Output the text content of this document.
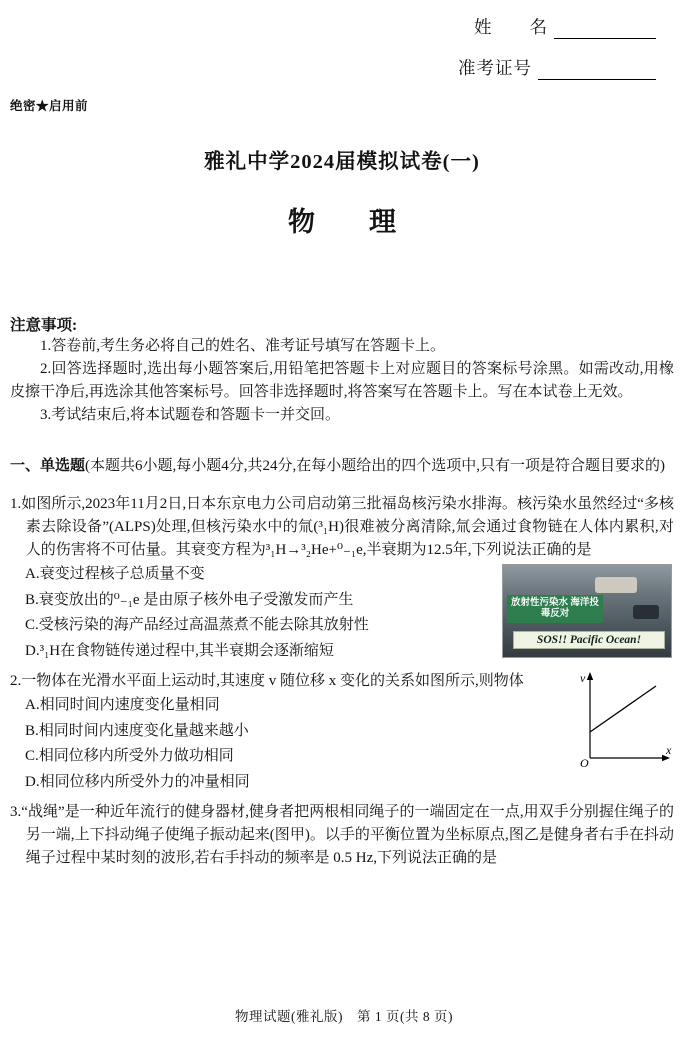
姓　　名
准考证号
绝密★启用前
雅礼中学2024届模拟试卷(一)
物　　理
注意事项:

1.答卷前,考生务必将自己的姓名、准考证号填写在答题卡上。

2.回答选择题时,选出每小题答案后,用铅笔把答题卡上对应题目的答案标号涂黑。如需改动,用橡皮擦干净后,再选涂其他答案标号。回答非选择题时,将答案写在答题卡上。写在本试卷上无效。

3.考试结束后,将本试题卷和答题卡一并交回。

一、单选题(本题共6小题,每小题4分,共24分,在每小题给出的四个选项中,只有一项是符合题目要求的)

1.如图所示,2023年11月2日,日本东京电力公司启动第三批福岛核污染水排海。核污染水虽然经过“多核素去除设备”(ALPS)处理,但核污染水中的氚(³₁H)很难被分离清除,氚会通过食物链在人体内累积,对人的伤害将不可估量。其衰变方程为³₁H→³₂He+⁰₋₁e,半衰期为12.5年,下列说法正确的是

A.衰变过程核子总质量不变
B.衰变放出的⁰₋₁e 是由原子核外电子受激发而产生
C.受核污染的海产品经过高温蒸煮不能去除其放射性
D.³₁H在食物链传递过程中,其半衰期会逐渐缩短
放射性污染水 海洋投毒反对
SOS!! Pacific Ocean!

2.一物体在光滑水平面上运动时,其速度 v 随位移 x 变化的关系如图所示,则物体

A.相同时间内速度变化量相同
B.相同时间内速度变化量越来越小
C.相同位移内所受外力做功相同
D.相同位移内所受外力的冲量相同
v
x
O

3.“战绳”是一种近年流行的健身器材,健身者把两根相同绳子的一端固定在一点,用双手分别握住绳子的另一端,上下抖动绳子使绳子振动起来(图甲)。以手的平衡位置为坐标原点,图乙是健身者右手在抖动绳子过程中某时刻的波形,若右手抖动的频率是 0.5 Hz,下列说法正确的是

物理试题(雅礼版)　第 1 页(共 8 页)
